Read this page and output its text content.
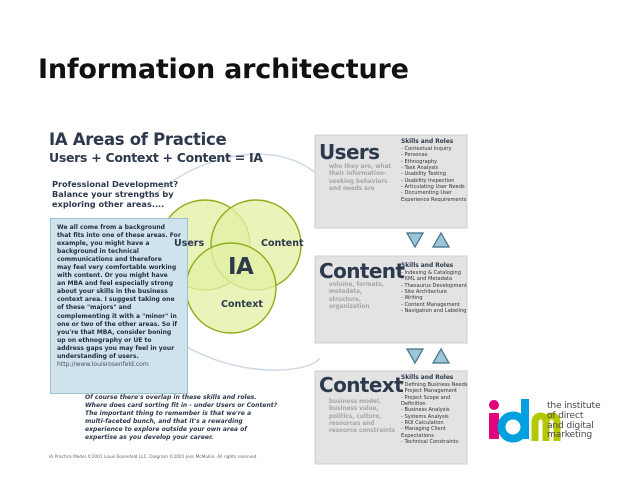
Information architecture
IA Areas of Practice
Users + Context + Content = IA
Professional Development?
Balance your strengths by
exploring other areas....
We all come from a background
that fits into one of these areas. For
example, you might have a
background in technical
communications and therefore
may feel very comfortable working
with content. Or you might have
an MBA and feel especially strong
about your skills in the business
context area. I suggest taking one
of these "majors" and
complementing it with a "minor" in
one or two of the other areas. So if
you're that MBA, consider boning
up on ethnography or UE to
address gaps you may feel in your
understanding of users.
http://www.louisrosenfeld.com
Of course there's overlap in these skills and roles.
Where does card sorting fit in - under Users or Content?
The important thing to remember is that we're a
multi-faceted bunch, and that it's a rewarding
experience to explore outside your own area of
expertise as you develop your career.
IA Practice Model ©2001 Louis Rosenfeld LLC. Diagram ©2001 Jess McMullin. All rights reserved.
Users	Content
Context
IA
Users
who they are, what
their information-
seeking behaviors
and needs are
Skills and Roles
- Contextual Inquiry
- Personas
- Ethnography
- Task Analysis
- Usability Testing
- Usability Inspection
- Articulating User Needs
- Documenting User
Experience Requirements
Content
volume, formats,
metadata,
structure,
organization
Skills and Roles
- Indexing & Cataloging
- XML and Metadata
- Thesaurus Development
- Site Architecture
- Writing
- Content Management
- Navigation and Labeling
Context
business model,
business value,
politics, culture,
resources and
resource constraints
Skills and Roles
- Defining Business Needs
- Project Management
- Project Scope and
Definition
- Business Analysis
- Systems Analysis
- ROI Calculation
- Managing Client
Expectations
- Technical Constraints
idm
the institute
of direct
and digital
marketing
